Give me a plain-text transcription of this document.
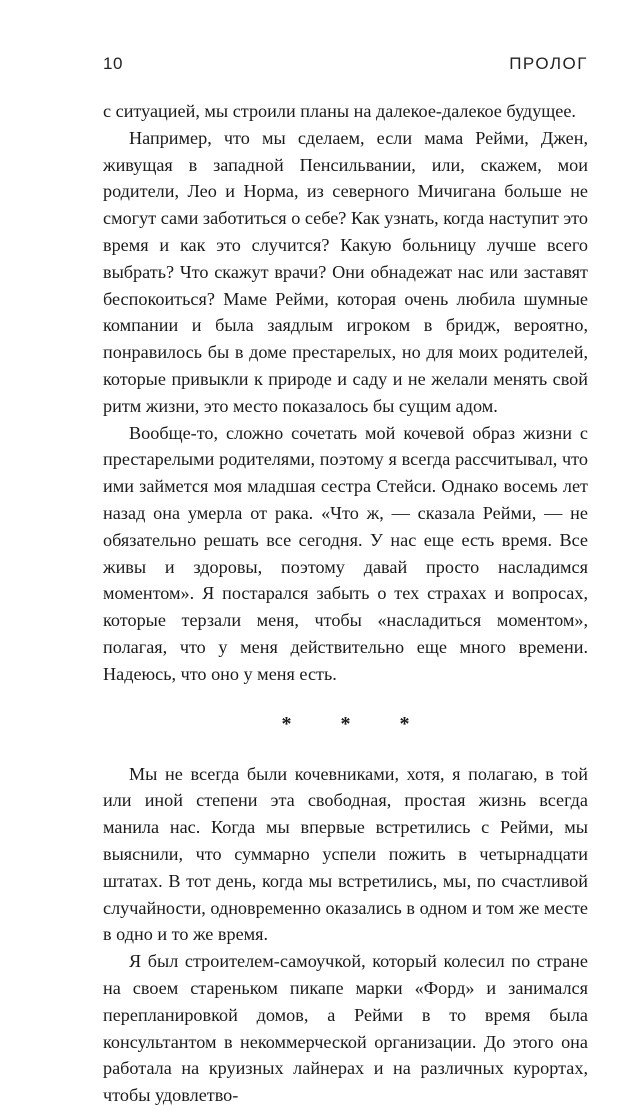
10	ПРОЛОГ

с ситуацией, мы строили планы на далекое-далекое будущее.

Например, что мы сделаем, если мама Рейми, Джен, живущая в западной Пенсильвании, или, скажем, мои родители, Лео и Норма, из северного Мичигана больше не смогут сами заботиться о себе? Как узнать, когда наступит это время и как это случится? Какую больницу лучше всего выбрать? Что скажут врачи? Они обнадежат нас или заставят беспокоиться? Маме Рейми, которая очень любила шумные компании и была заядлым игроком в бридж, вероятно, понравилось бы в доме престарелых, но для моих родителей, которые привыкли к природе и саду и не желали менять свой ритм жизни, это место показалось бы сущим адом.

Вообще-то, сложно сочетать мой кочевой образ жизни с престарелыми родителями, поэтому я всегда рассчитывал, что ими займется моя младшая сестра Стейси. Однако восемь лет назад она умерла от рака. «Что ж, — сказала Рейми, — не обязательно решать все сегодня. У нас еще есть время. Все живы и здоровы, поэтому давай просто насладимся моментом». Я постарался забыть о тех страхах и вопросах, которые терзали меня, чтобы «насладиться моментом», полагая, что у меня действительно еще много времени. Надеюсь, что оно у меня есть.

* * *

Мы не всегда были кочевниками, хотя, я полагаю, в той или иной степени эта свободная, простая жизнь всегда манила нас. Когда мы впервые встретились с Рейми, мы выяснили, что суммарно успели пожить в четырнадцати штатах. В тот день, когда мы встретились, мы, по счастливой случайности, одновременно оказались в одном и том же месте в одно и то же время.

Я был строителем-самоучкой, который колесил по стране на своем стареньком пикапе марки «Форд» и занимался перепланировкой домов, а Рейми в то время была консультантом в некоммерческой организации. До этого она работала на круизных лайнерах и на различных курортах, чтобы удовлетво-
